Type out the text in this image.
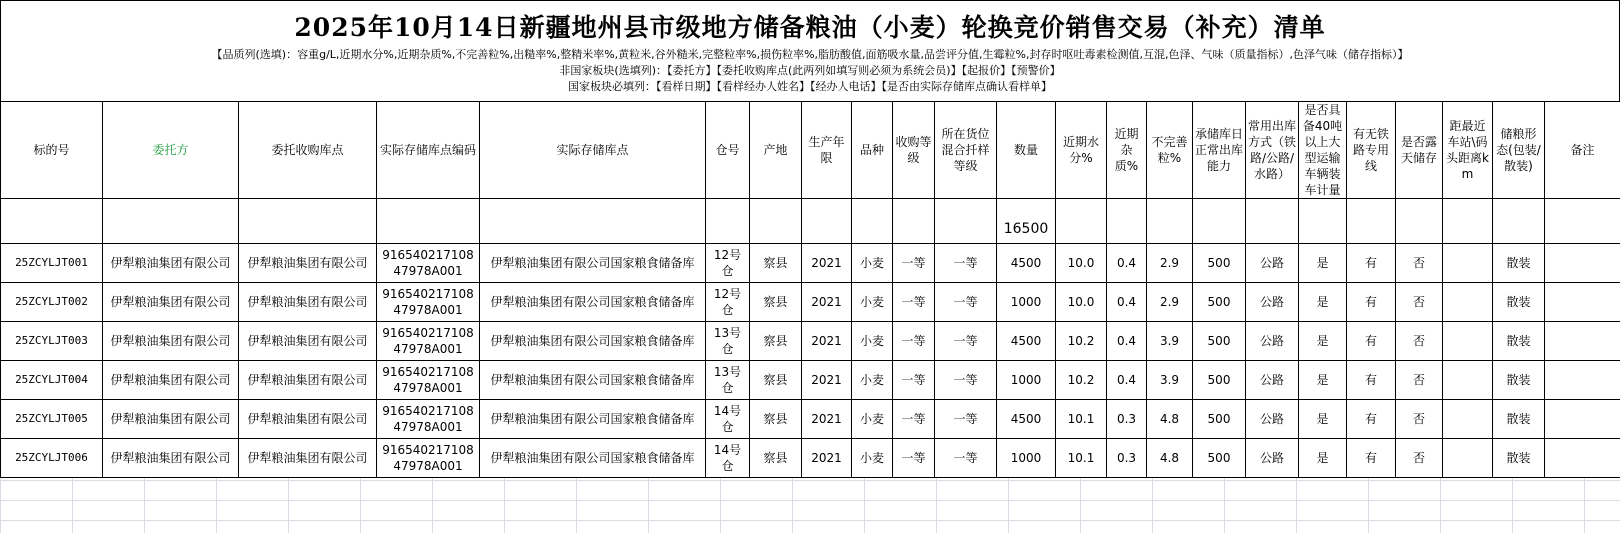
2025年10月14日新疆地州县市级地方储备粮油（小麦）轮换竞价销售交易（补充）清单
【品质列(选填)：容重g/L,近期水分%,近期杂质%,不完善粒%,出糙率%,整精米率%,黄粒米,谷外糙米,完整粒率%,损伤粒率%,脂肪酸值,面筋吸水量,品尝评分值,生霉粒%,封存时呕吐毒素检测值,互混,色泽、气味（质量指标）,色泽气味（储存指标）】
非国家板块(选填列)：【委托方】【委托收购库点(此两列如填写则必须为系统会员)】【起报价】【预警价】
国家板块必填列：【看样日期】【看样经办人姓名】【经办人电话】【是否由实际存储库点确认看样单】
标的号	委托方	委托收购库点	实际存储库点编码	实际存储库点	仓号	产地	生产年限	品种	收购等级	所在货位混合扦样等级	数量	近期水分%	近期杂质%	不完善粒%	承储库日正常出库能力	常用出库方式（铁路/公路/水路）	是否具备40吨以上大型运输车辆装车计量	有无铁路专用线	是否露天储存	距最近车站\码头距离km	储粮形态(包装/散装)	备注
											16500											
25ZCYLJT001	伊犁粮油集团有限公司	伊犁粮油集团有限公司	91654021710847978A001	伊犁粮油集团有限公司国家粮食储备库	12号仓	察县	2021	小麦	一等	一等	4500	10.0	0.4	2.9	500	公路	是	有	否		散装	
25ZCYLJT002	伊犁粮油集团有限公司	伊犁粮油集团有限公司	91654021710847978A001	伊犁粮油集团有限公司国家粮食储备库	12号仓	察县	2021	小麦	一等	一等	1000	10.0	0.4	2.9	500	公路	是	有	否		散装	
25ZCYLJT003	伊犁粮油集团有限公司	伊犁粮油集团有限公司	91654021710847978A001	伊犁粮油集团有限公司国家粮食储备库	13号仓	察县	2021	小麦	一等	一等	4500	10.2	0.4	3.9	500	公路	是	有	否		散装	
25ZCYLJT004	伊犁粮油集团有限公司	伊犁粮油集团有限公司	91654021710847978A001	伊犁粮油集团有限公司国家粮食储备库	13号仓	察县	2021	小麦	一等	一等	1000	10.2	0.4	3.9	500	公路	是	有	否		散装	
25ZCYLJT005	伊犁粮油集团有限公司	伊犁粮油集团有限公司	91654021710847978A001	伊犁粮油集团有限公司国家粮食储备库	14号仓	察县	2021	小麦	一等	一等	4500	10.1	0.3	4.8	500	公路	是	有	否		散装	
25ZCYLJT006	伊犁粮油集团有限公司	伊犁粮油集团有限公司	91654021710847978A001	伊犁粮油集团有限公司国家粮食储备库	14号仓	察县	2021	小麦	一等	一等	1000	10.1	0.3	4.8	500	公路	是	有	否		散装	
